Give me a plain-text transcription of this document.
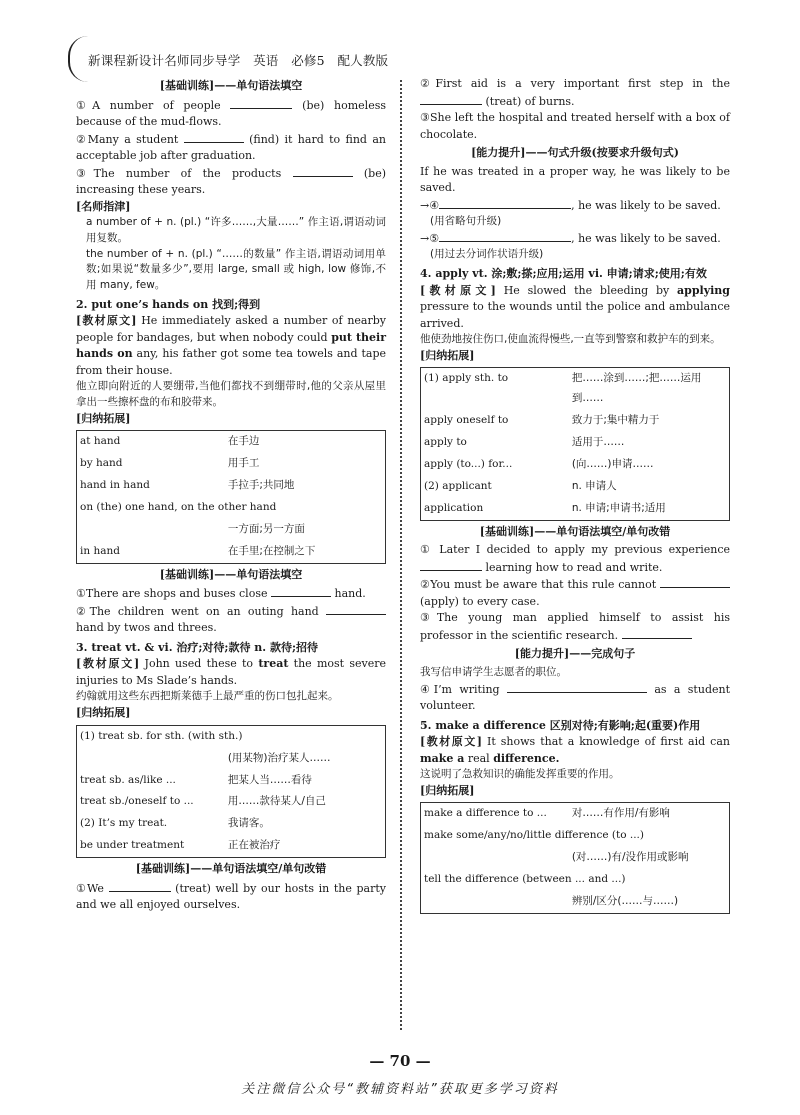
新课程新设计名师同步导学　英语　必修5　配人教版
[基础训练]——单句语法填空

①A number of people	(be) homeless because of the mud-flows.

②Many a student	(find) it hard to find an acceptable job after graduation.

③The number of the products	(be) increasing these years.

[名师指津]

a number of + n. (pl.) “许多……,大量……” 作主语,谓语动词用复数。

the number of + n. (pl.) “……的数量” 作主语,谓语动词用单数;如果说“数量多少”,要用 large, small 或 high, low 修饰,不用 many, few。

2. put one’s hands on 找到;得到

[教材原文] He immediately asked a number of nearby people for bandages, but when nobody could put their hands on any, his father got some tea towels and tape from their house.

他立即向附近的人要绷带,当他们都找不到绷带时,他的父亲从屋里拿出一些擦杯盘的布和胶带来。

[归纳拓展]
at hand	在手边
by hand	用手工
hand in hand	手拉手;共同地
on (the) one hand, on the other hand	
	一方面;另一方面
in hand	在手里;在控制之下
[基础训练]——单句语法填空

①There are shops and buses close	hand.

②The children went on an outing hand  hand by twos and threes.

3. treat vt. & vi. 治疗;对待;款待 n. 款待;招待

[教材原文] John used these to treat the most severe injuries to Ms Slade’s hands.

约翰就用这些东西把斯莱德手上最严重的伤口包扎起来。

[归纳拓展]
(1) treat sb. for sth. (with sth.)	
	(用某物)治疗某人……
treat sb. as/like ...	把某人当……看待
treat sb./oneself to ...	用……款待某人/自己
(2) It’s my treat.	我请客。
be under treatment	正在被治疗
[基础训练]——单句语法填空/单句改错

①We	(treat) well by our hosts in the party and we all enjoyed ourselves.

②First aid is a very important first step in the  (treat) of burns.

③She left the hospital and treated herself with a box of chocolate.

[能力提升]——句式升级(按要求升级句式)

If he was treated in a proper way, he was likely to be saved.

→④	, he was likely to be saved.

(用省略句升级)

→⑤	, he was likely to be saved.

(用过去分词作状语升级)

4. apply vt. 涂;敷;搽;应用;运用 vi. 申请;请求;使用;有效

[教材原文] He slowed the bleeding by applying pressure to the wounds until the police and ambulance arrived.

他使劲地按住伤口,使血流得慢些,一直等到警察和救护车的到来。

[归纳拓展]
(1) apply sth. to	把……涂到……;把……运用到……
apply oneself to	致力于;集中精力于
apply to	适用于……
apply (to...) for...	(向……)申请……
(2) applicant	n. 申请人
application	n. 申请;申请书;适用
[基础训练]——单句语法填空/单句改错

① Later I decided to apply my previous experience  learning how to read and write.

②You must be aware that this rule cannot  (apply) to every case.

③The young man applied himself to assist his professor in the scientific research.

[能力提升]——完成句子

我写信申请学生志愿者的职位。

④I’m writing	as a student volunteer.

5. make a difference 区别对待;有影响;起(重要)作用

[教材原文] It shows that a knowledge of first aid can make a real difference.

这说明了急救知识的确能发挥重要的作用。

[归纳拓展]
make a difference to ...	对……有作用/有影响
make some/any/no/little difference (to ...)	
	(对……)有/没作用或影响
tell the difference (between ... and ...)	
	辨别/区分(……与……)
— 70 —
关注微信公众号“教辅资料站”获取更多学习资料
